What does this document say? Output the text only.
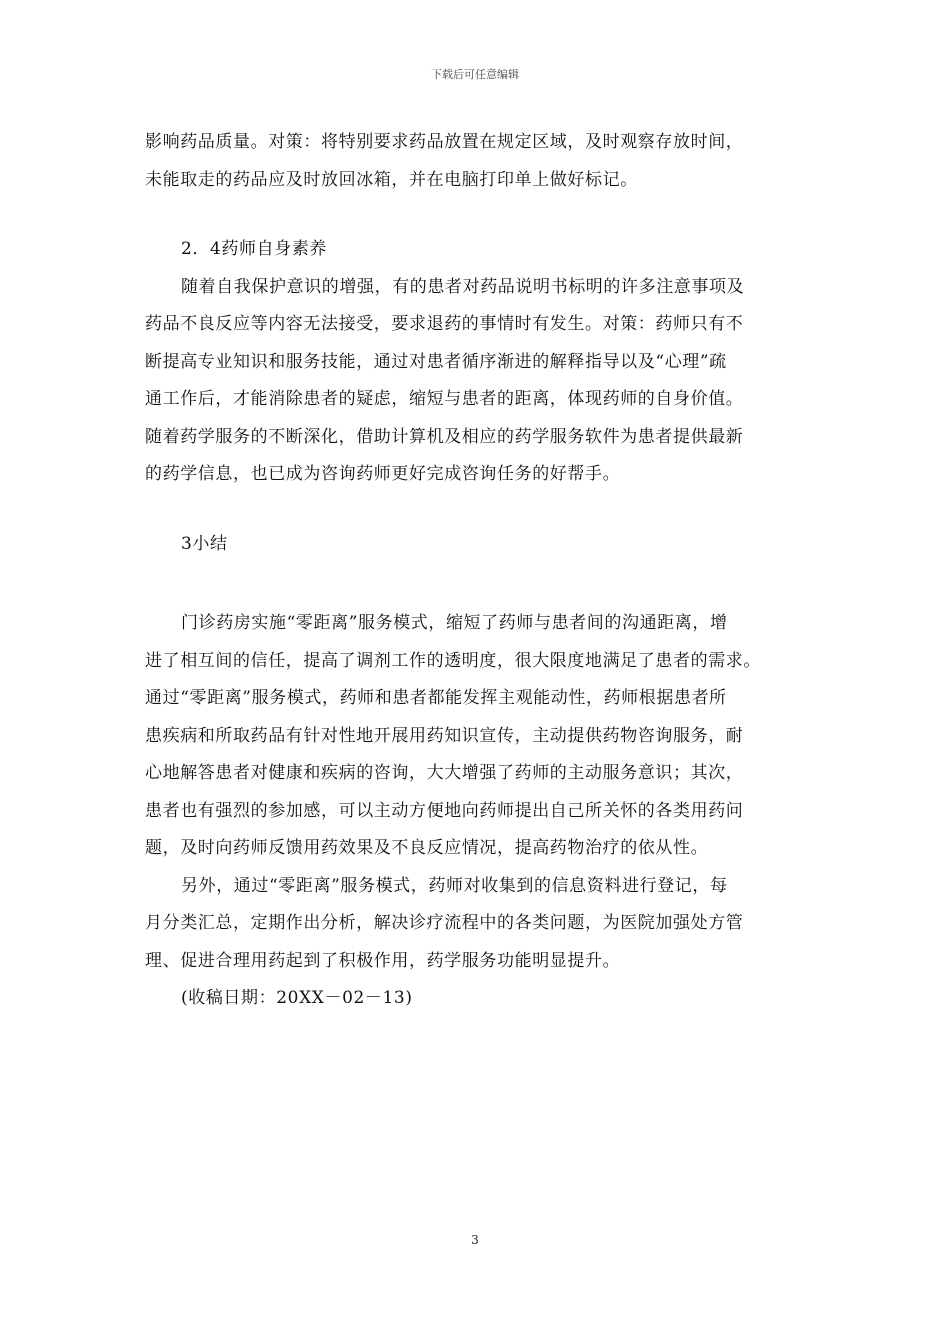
下载后可任意编辑
影响药品质量。对策：将特别要求药品放置在规定区域，及时观察存放时间，
未能取走的药品应及时放回冰箱，并在电脑打印单上做好标记。
2．4药师自身素养
随着自我保护意识的增强，有的患者对药品说明书标明的许多注意事项及
药品不良反应等内容无法接受，要求退药的事情时有发生。对策：药师只有不
断提高专业知识和服务技能，通过对患者循序渐进的解释指导以及“心理”疏
通工作后，才能消除患者的疑虑，缩短与患者的距离，体现药师的自身价值。
随着药学服务的不断深化，借助计算机及相应的药学服务软件为患者提供最新
的药学信息，也已成为咨询药师更好完成咨询任务的好帮手。
3小结
门诊药房实施“零距离”服务模式，缩短了药师与患者间的沟通距离，增
进了相互间的信任，提高了调剂工作的透明度，很大限度地满足了患者的需求。
通过“零距离”服务模式，药师和患者都能发挥主观能动性，药师根据患者所
患疾病和所取药品有针对性地开展用药知识宣传，主动提供药物咨询服务，耐
心地解答患者对健康和疾病的咨询，大大增强了药师的主动服务意识；其次，
患者也有强烈的参加感，可以主动方便地向药师提出自己所关怀的各类用药问
题，及时向药师反馈用药效果及不良反应情况，提高药物治疗的依从性。
另外，通过“零距离”服务模式，药师对收集到的信息资料进行登记，每
月分类汇总，定期作出分析，解决诊疗流程中的各类问题，为医院加强处方管
理、促进合理用药起到了积极作用，药学服务功能明显提升。
(收稿日期：20XX－02－13)
3
